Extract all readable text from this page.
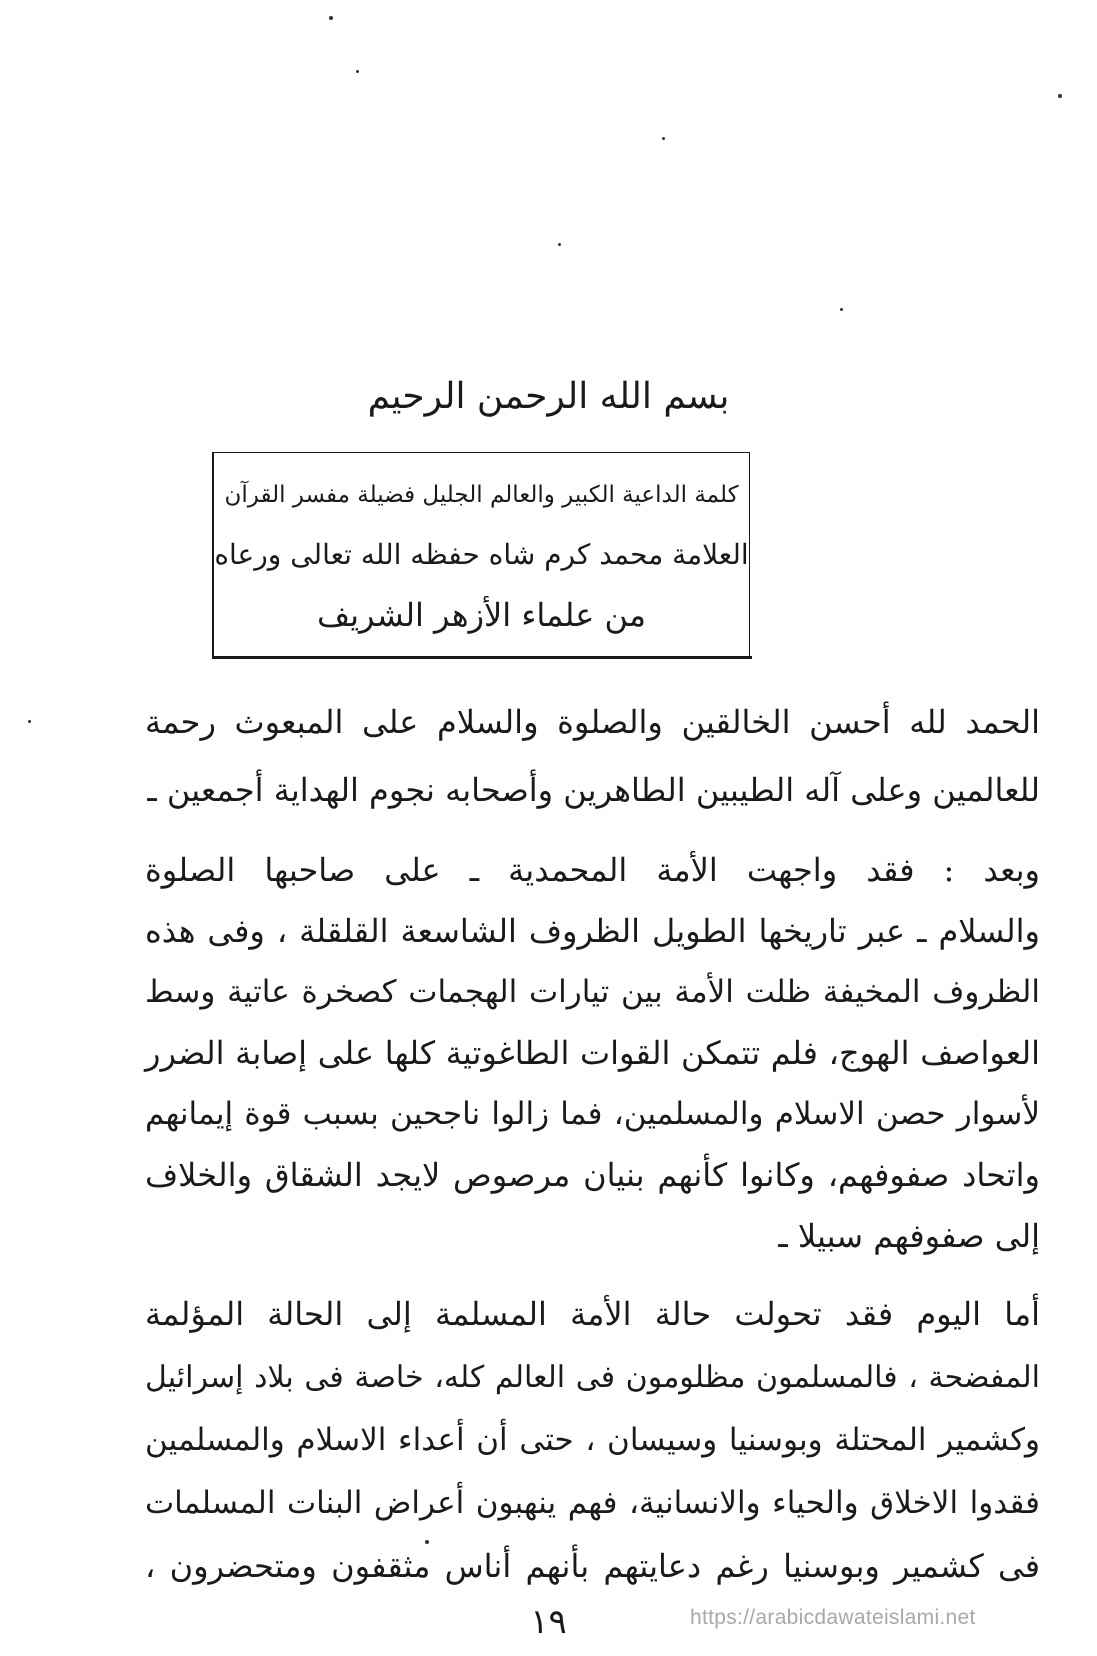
بسم الله الرحمن الرحيم
كلمة الداعية الكبير والعالم الجليل فضيلة مفسر القرآن
العلامة محمد كرم شاه حفظه الله تعالى ورعاه
من علماء الأزهر الشريف

الحمد لله أحسن الخالقين والصلوة والسلام على المبعوث رحمة
للعالمين وعلى آله الطيبين الطاهرين وأصحابه نجوم الهداية أجمعين ـ

وبعد : فقد واجهت الأمة المحمدية ـ على صاحبها الصلوة
والسلام ـ عبر تاريخها الطويل الظروف الشاسعة القلقلة ، وفى هذه
الظروف المخيفة ظلت الأمة بين تيارات الهجمات كصخرة عاتية وسط
العواصف الهوج، فلم تتمكن القوات الطاغوتية كلها على إصابة الضرر
لأسوار حصن الاسلام والمسلمين، فما زالوا ناجحين بسبب قوة إيمانهم
واتحاد صفوفهم، وكانوا كأنهم بنيان مرصوص لايجد الشقاق والخلاف
إلى صفوفهم سبيلا ـ

أما اليوم فقد تحولت حالة الأمة المسلمة إلى الحالة المؤلمة
المفضحة ، فالمسلمون مظلومون فى العالم كله، خاصة فى بلاد إسرائيل
وكشمير المحتلة وبوسنيا وسيسان ، حتى أن أعداء الاسلام والمسلمين
فقدوا الاخلاق والحياء والانسانية، فهم ينهبون أعراض البنات المسلمات
فى كشمير وبوسنيا رغم دعايتهم بأنهم أناس مثقفون ومتحضرون ،

١٩	https://arabicdawateislami.net
